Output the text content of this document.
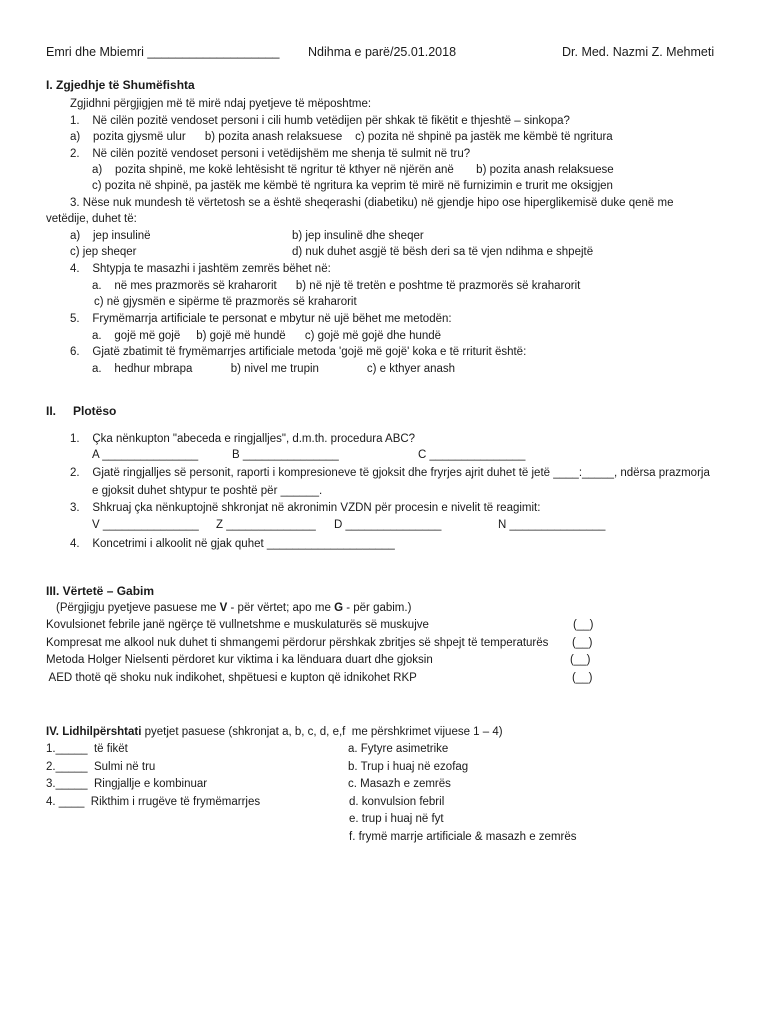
Emri dhe Mbiemri ___________________ Ndihma e parë/25.01.2018	Dr. Med. Nazmi Z. Mehmeti
I. Zgjedhje të Shumëfishta
Zgjidhni përgjigjen më të mirë ndaj pyetjeve të mëposhtme:
1.    Në cilën pozitë vendoset personi i cili humb vetëdijen për shkak të fikëtit e thjeshtë – sinkopa?
a)    pozita gjysmë ulur      b) pozita anash relaksuese    c) pozita në shpinë pa jastëk me këmbë të ngritura
2.    Në cilën pozitë vendoset personi i vetëdijshëm me shenja të sulmit në tru?
a)    pozita shpinë, me kokë lehtësisht të ngritur të kthyer në njërën anë       b) pozita anash relaksuese
c) pozita në shpinë, pa jastëk me këmbë të ngritura ka veprim të mirë në furnizimin e trurit me oksigjen
3. Nëse nuk mundesh të vërtetosh se a është sheqerashi (diabetiku) në gjendje hipo ose hiperglikemisë duke qenë me
vetëdije, duhet të:
a)    jep insulinë	b) jep insulinë dhe sheqer
c) jep sheqer	d) nuk duhet asgjë të bësh deri sa të vjen ndihma e shpejtë
4.    Shtypja te masazhi i jashtëm zemrës bëhet në:
a.    në mes prazmorës së kraharorit      b) në një të tretën e poshtme të prazmorës së kraharorit
c) në gjysmën e sipërme të prazmorës së kraharorit
5.    Frymëmarrja artificiale te personat e mbytur në ujë bëhet me metodën:
a.    gojë më gojë     b) gojë më hundë      c) gojë më gojë dhe hundë
6.    Gjatë zbatimit të frymëmarrjes artificiale metoda 'gojë më gojë' koka e të rriturit është:
a.    hedhur mbrapa            b) nivel me trupin               c) e kthyer anash
II. Plotëso
1.    Çka nënkupton "abeceda e ringjalljes", d.m.th. procedura ABC?
A _______________	B _______________	C _______________
2.    Gjatë ringjalljes së personit, raporti i kompresioneve të gjoksit dhe fryrjes ajrit duhet të jetë ____:_____, ndërsa prazmorja
e gjoksit duhet shtypur te poshtë për ______.
3.    Shkruaj çka nënkuptojnë shkronjat në akronimin VZDN për procesin e nivelit të reagimit:
V _______________ Z ______________ D _______________	N _______________
4.    Koncetrimi i alkoolit në gjak quhet ____________________
III. Vërtetë – Gabim
(Përgjigju pyetjeve pasuese me V - për vërtet; apo me G - për gabim.)
Kovulsionet febrile janë ngërçe të vullnetshme e muskulaturës së muskujve	(__)
Kompresat me alkool nuk duhet ti shmangemi përdorur përshkak zbritjes së shpejt të temperaturës (__)
Metoda Holger Nielsenti përdoret kur viktima i ka lënduara duart dhe gjoksin	(__)
AED thotë që shoku nuk indikohet, shpëtuesi e kupton që idnikohet RKP	(__)
IV. Lidhilpërshtati pyetjet pasuese (shkronjat a, b, c, d, e,f  me përshkrimet vijuese 1 – 4)
1._____  të fikët
2._____  Sulmi në tru
3._____  Ringjallje e kombinuar
4. ____  Rikthim i rrugëve të frymëmarrjes
a. Fytyre asimetrike
b. Trup i huaj në ezofag
c. Masazh e zemrës
d. konvulsion febril
e. trup i huaj në fyt
f. frymë marrje artificiale & masazh e zemrës
